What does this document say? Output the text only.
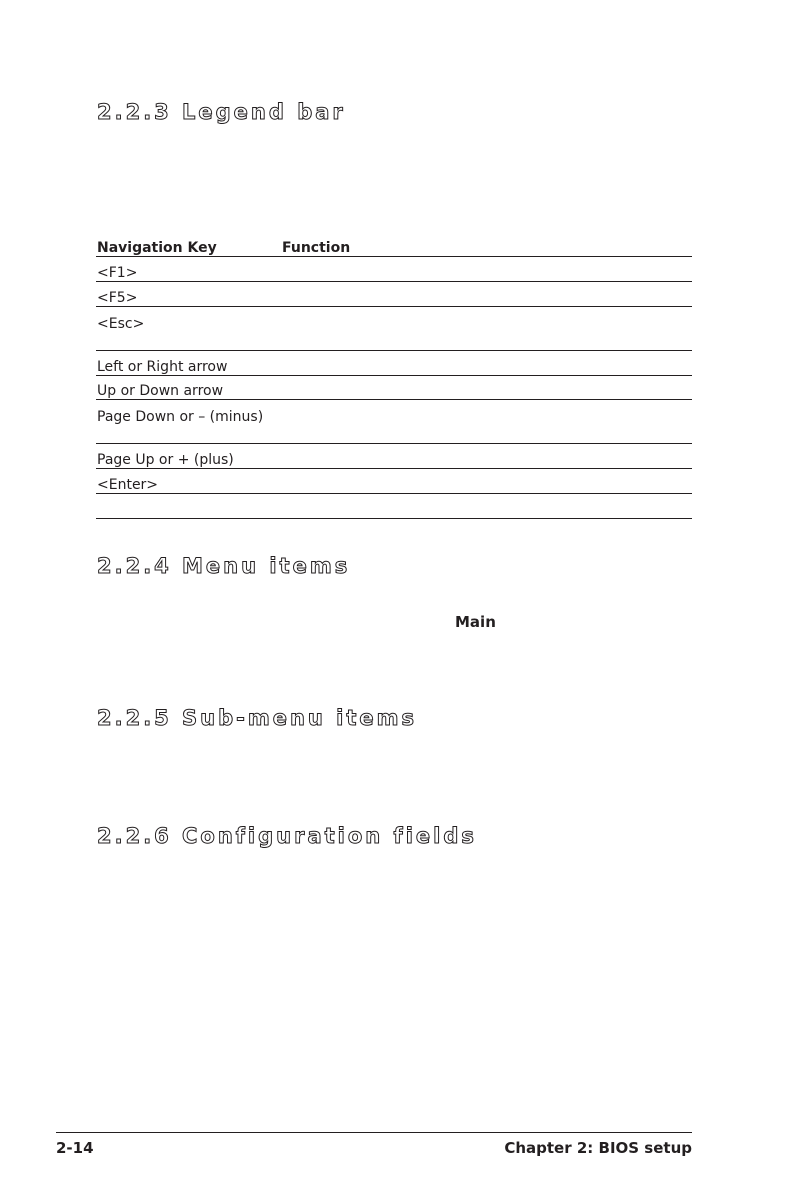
2.2.3 Legend bar
Navigation Key	Function
<F1>
<F5>
<Esc>
Left or Right arrow
Up or Down arrow
Page Down or – (minus)
Page Up or + (plus)
<Enter>
2.2.4 Menu items
Main
2.2.5 Sub-menu items
2.2.6 Configuration fields
2-14	Chapter 2: BIOS setup
